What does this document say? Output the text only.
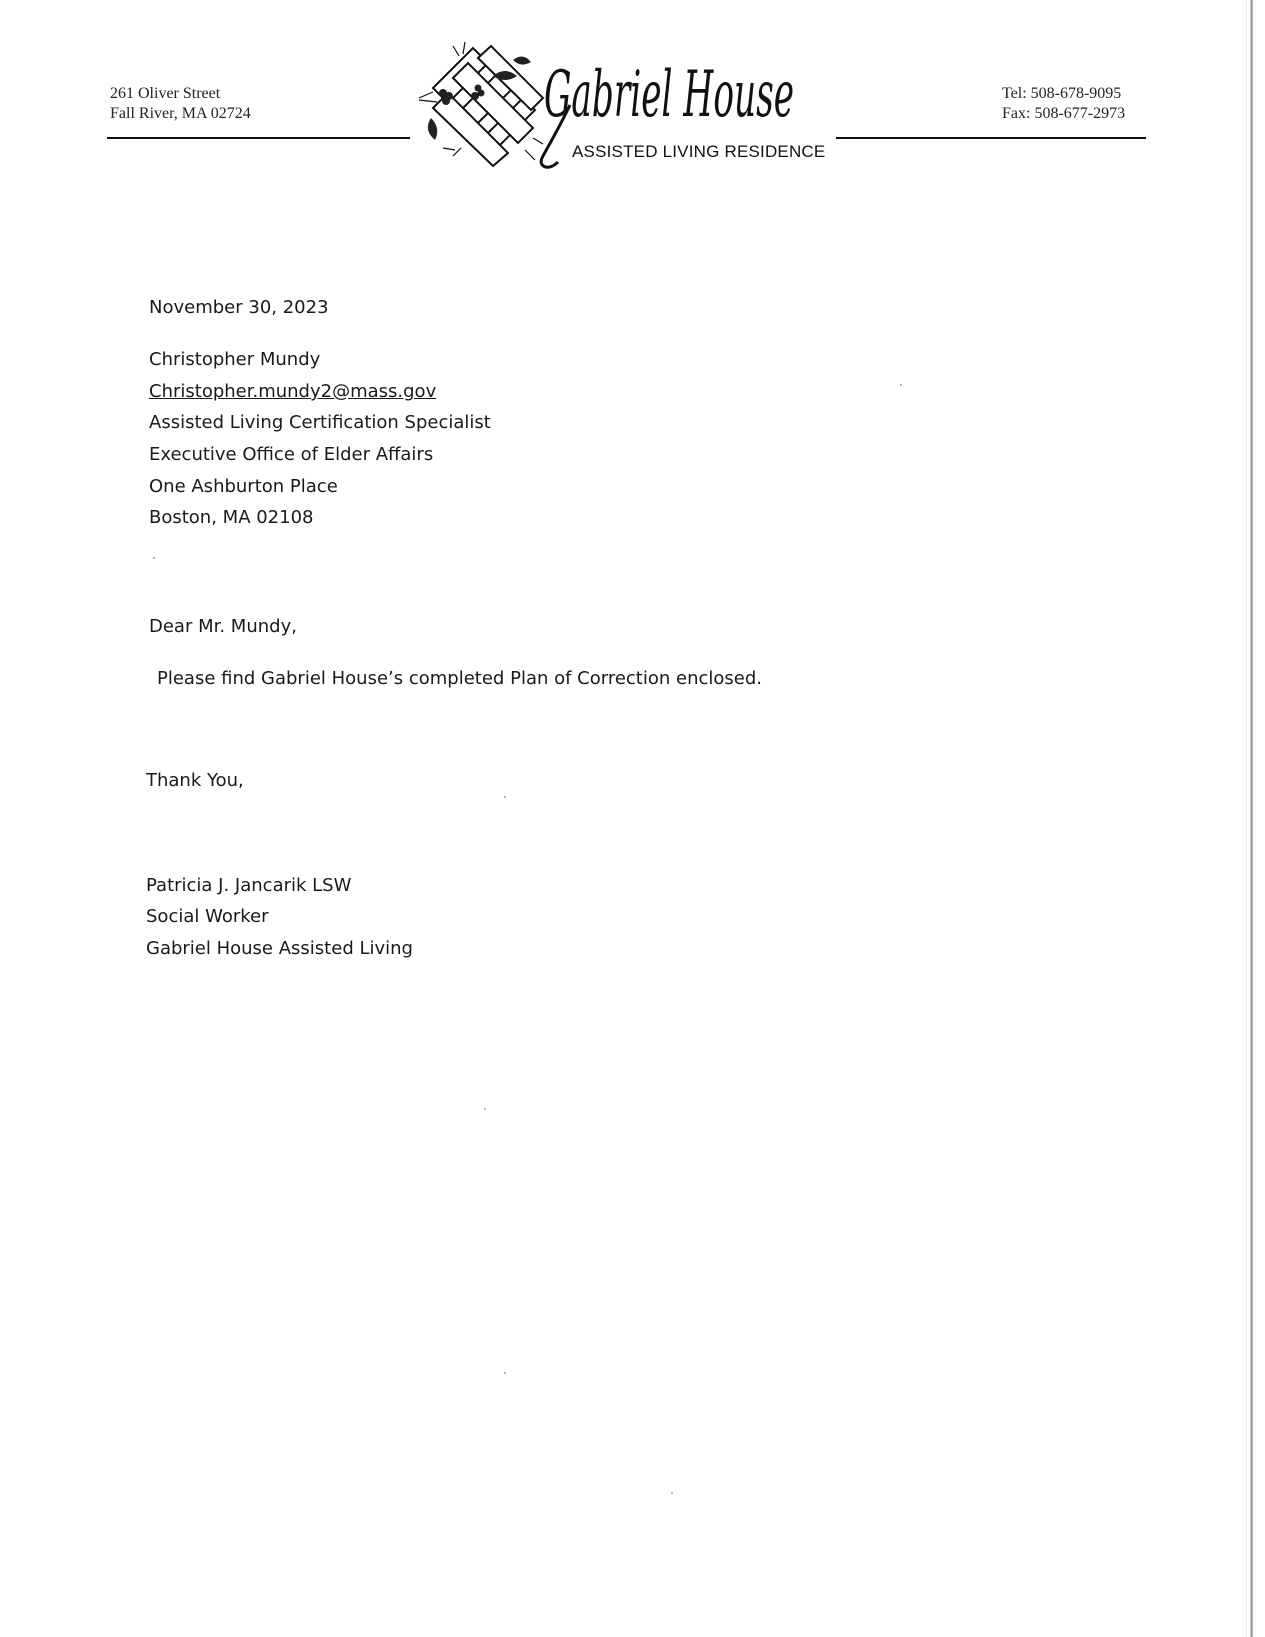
261 Oliver Street
Fall River, MA 02724	Gabriel House
ASSISTED LIVING RESIDENCE
Tel: 508-678-9095
Fax: 508-677-2973
November 30, 2023
Christopher Mundy
Christopher.mundy2@mass.gov
Assisted Living Certification Specialist
Executive Office of Elder Affairs
One Ashburton Place
Boston, MA 02108
Dear Mr. Mundy,
Please find Gabriel House’s completed Plan of Correction enclosed.
Thank You,
Patricia J. Jancarik LSW
Social Worker
Gabriel House Assisted Living
